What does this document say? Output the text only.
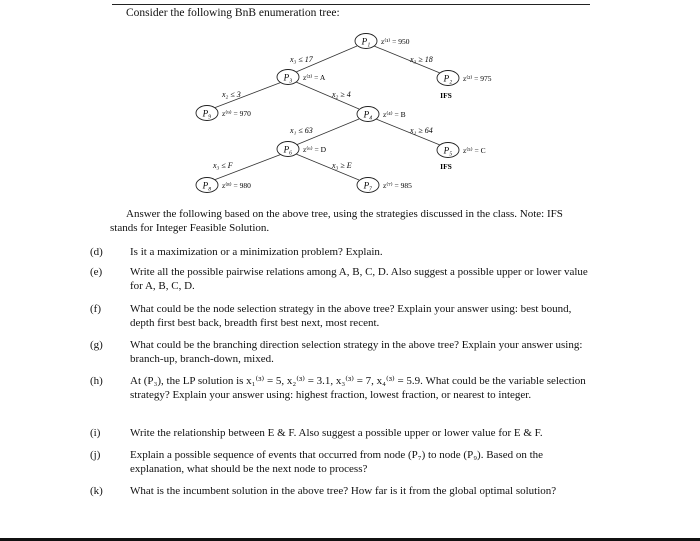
Consider the following BnB enumeration tree:
x₃ ≤ 17	x₃ ≥ 18
x₂ ≤ 3	x₂ ≥ 4
x₁ ≤ 63	x₁ ≥ 64
x₃ ≤ F	x₃ ≥ E
P₁
P₃	P₂
P₉	P₄
P₆	P₅
P₈	P₇
z⁽¹⁾ = 950
z⁽³⁾ = A	z⁽²⁾ = 975
z⁽⁹⁾ = 970	z⁽⁴⁾ = B
z⁽⁶⁾ = D	z⁽⁵⁾ = C
z⁽⁸⁾ = 980	z⁽⁷⁾ = 985
IFS
IFS
Answer the following based on the above tree, using the strategies discussed in the class. Note: IFS stands for Integer Feasible Solution.
(d) Is it a maximization or a minimization problem? Explain.
(e)	Write all the possible pairwise relations among A, B, C, D. Also suggest a possible upper or lower value for A, B, C, D.
(f)	What could be the node selection strategy in the above tree? Explain your answer using: best bound, depth first best back, breadth first best next, most recent.
(g) What could be the branching direction selection strategy in the above tree? Explain your answer using: branch-up, branch-down, mixed.
(h) At (P₃), the LP solution is x₁⁽³⁾ = 5, x₂⁽³⁾ = 3.1, x₃⁽³⁾ = 7, x₄⁽³⁾ = 5.9. What could be the variable selection strategy? Explain your answer using: highest fraction, lowest fraction, or nearest to integer.
(i)	Write the relationship between E & F. Also suggest a possible upper or lower value for E & F.
(j)	Explain a possible sequence of events that occurred from node (P₇) to node (P₉). Based on the explanation, what should be the next node to process?
(k) What is the incumbent solution in the above tree? How far is it from the global optimal solution?
